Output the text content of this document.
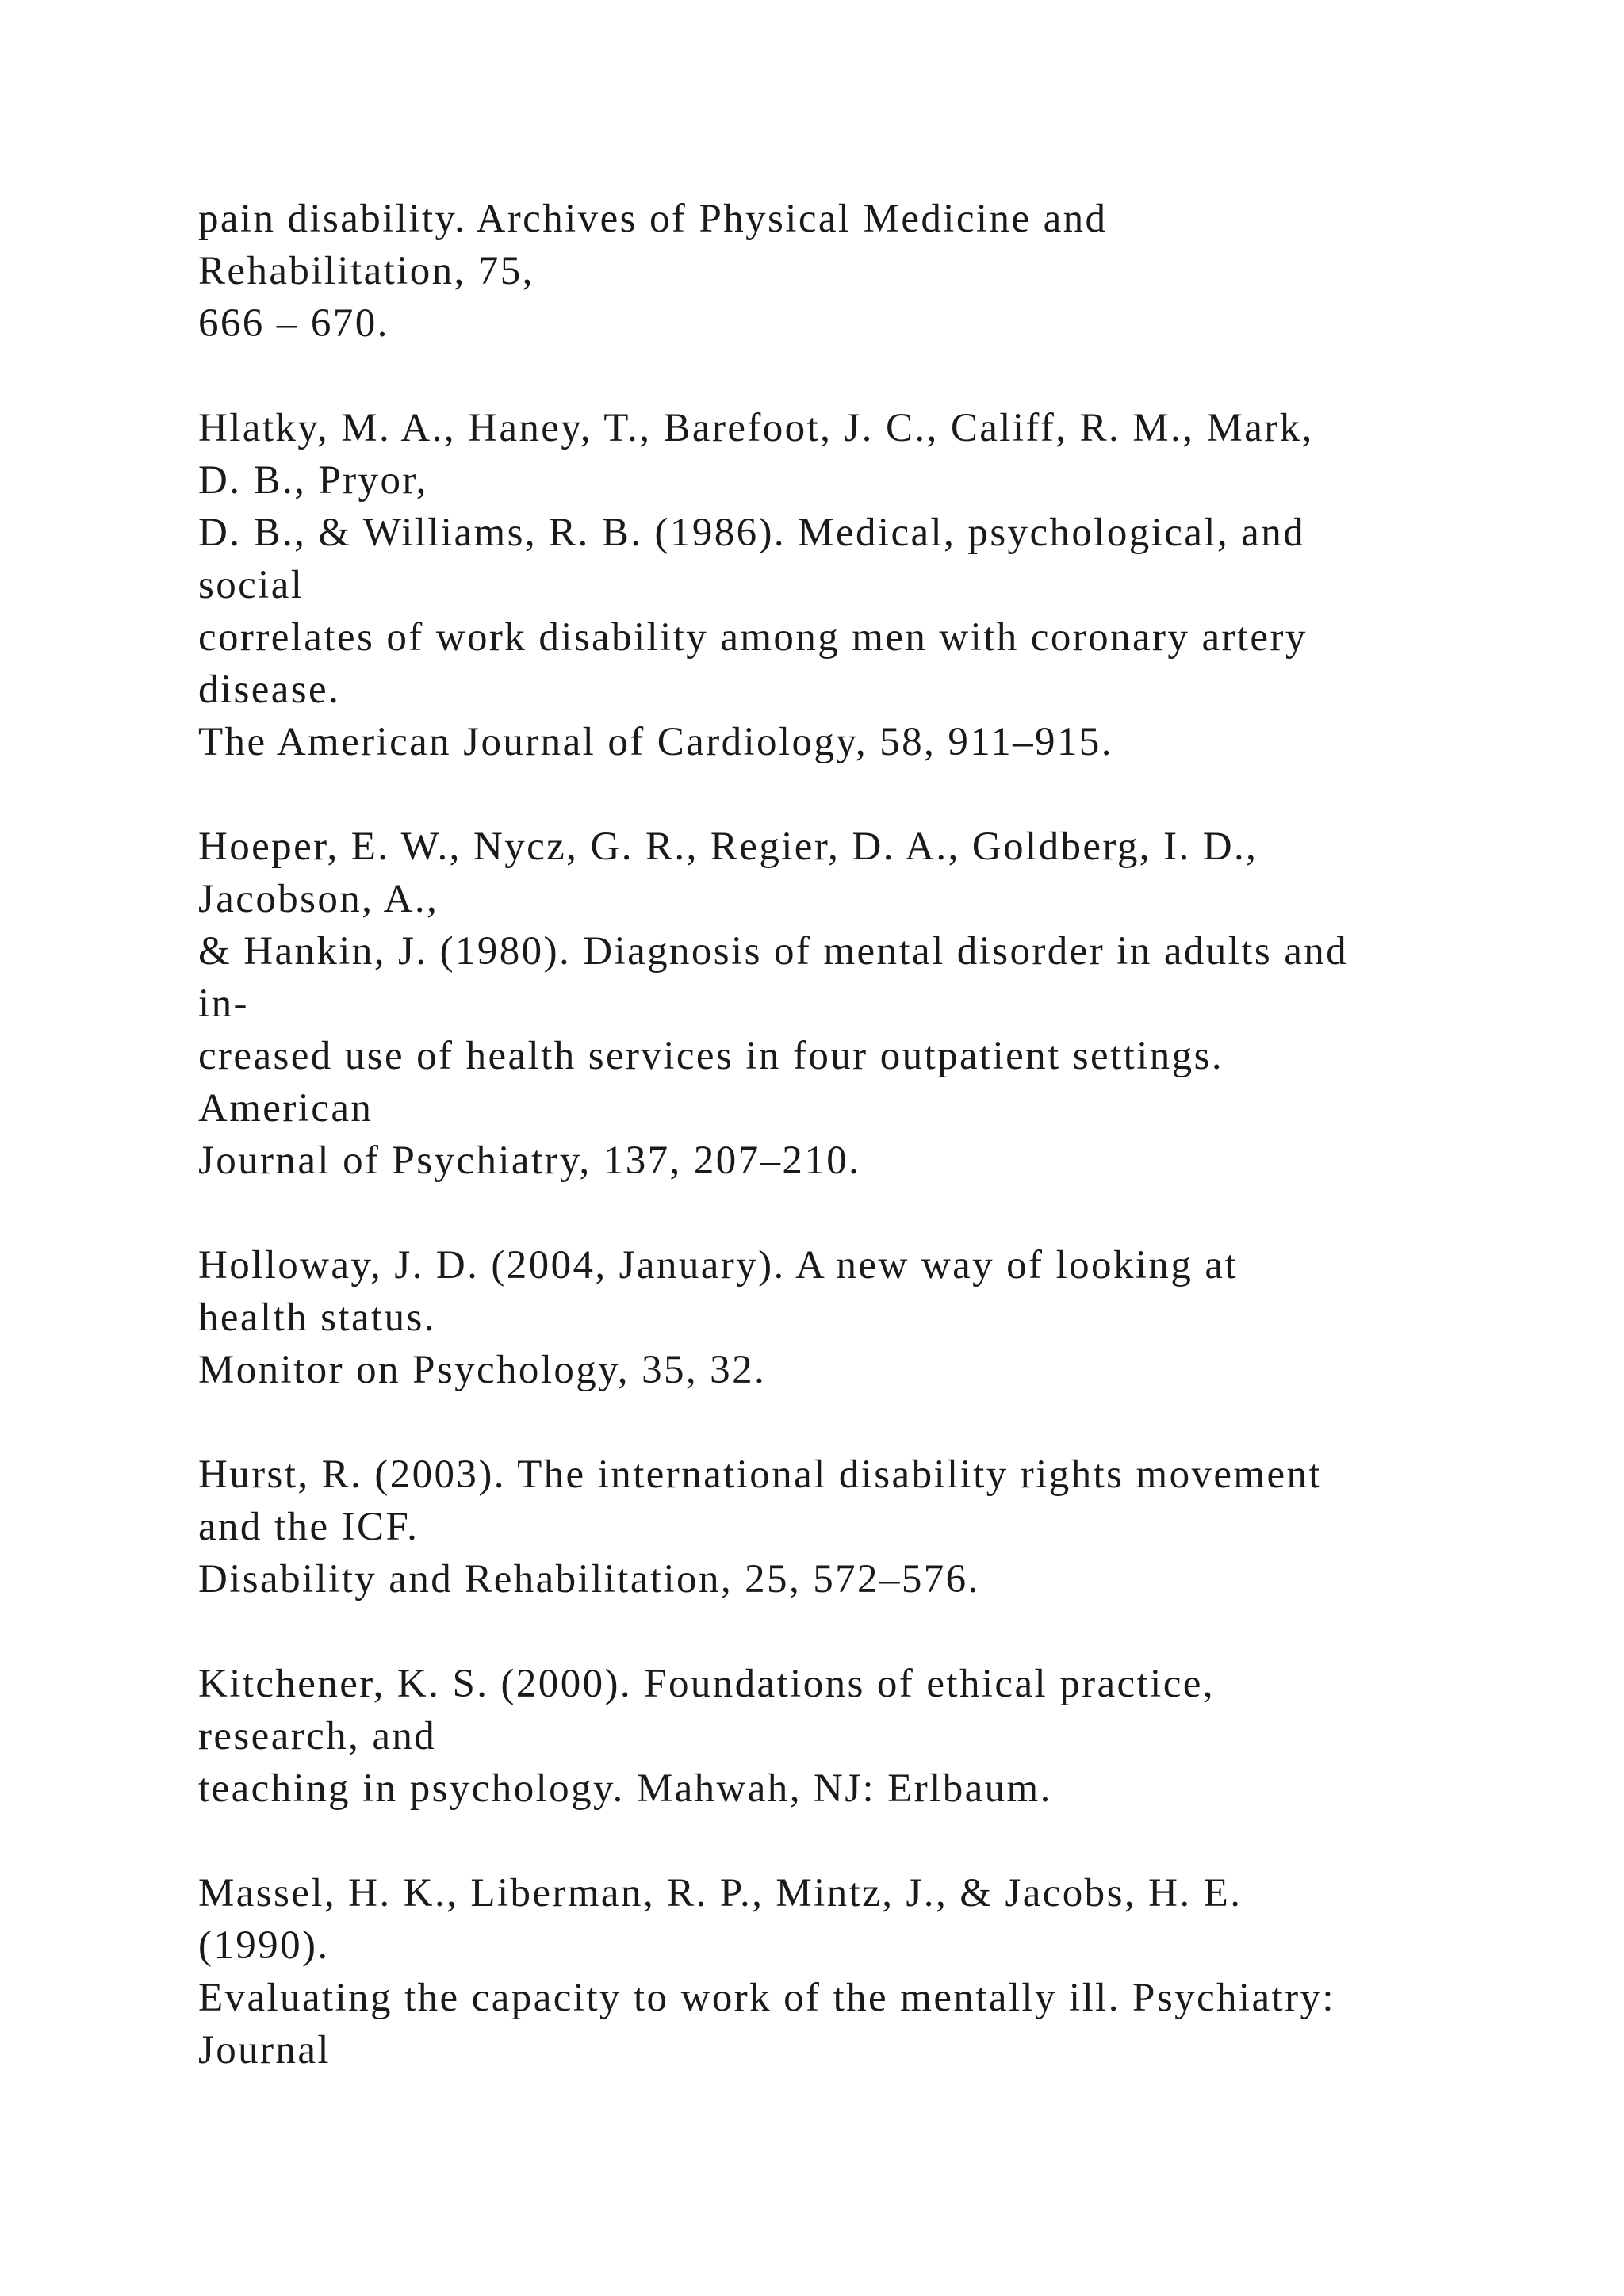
pain disability. Archives of Physical Medicine and
Rehabilitation, 75,
666 – 670.
Hlatky, M. A., Haney, T., Barefoot, J. C., Califf, R. M., Mark,
D. B., Pryor,
D. B., & Williams, R. B. (1986). Medical, psychological, and
social
correlates of work disability among men with coronary artery
disease.
The American Journal of Cardiology, 58, 911–915.
Hoeper, E. W., Nycz, G. R., Regier, D. A., Goldberg, I. D.,
Jacobson, A.,
& Hankin, J. (1980). Diagnosis of mental disorder in adults and
in-
creased use of health services in four outpatient settings.
American
Journal of Psychiatry, 137, 207–210.
Holloway, J. D. (2004, January). A new way of looking at
health status.
Monitor on Psychology, 35, 32.
Hurst, R. (2003). The international disability rights movement
and the ICF.
Disability and Rehabilitation, 25, 572–576.
Kitchener, K. S. (2000). Foundations of ethical practice,
research, and
teaching in psychology. Mahwah, NJ: Erlbaum.
Massel, H. K., Liberman, R. P., Mintz, J., & Jacobs, H. E.
(1990).
Evaluating the capacity to work of the mentally ill. Psychiatry:
Journal
